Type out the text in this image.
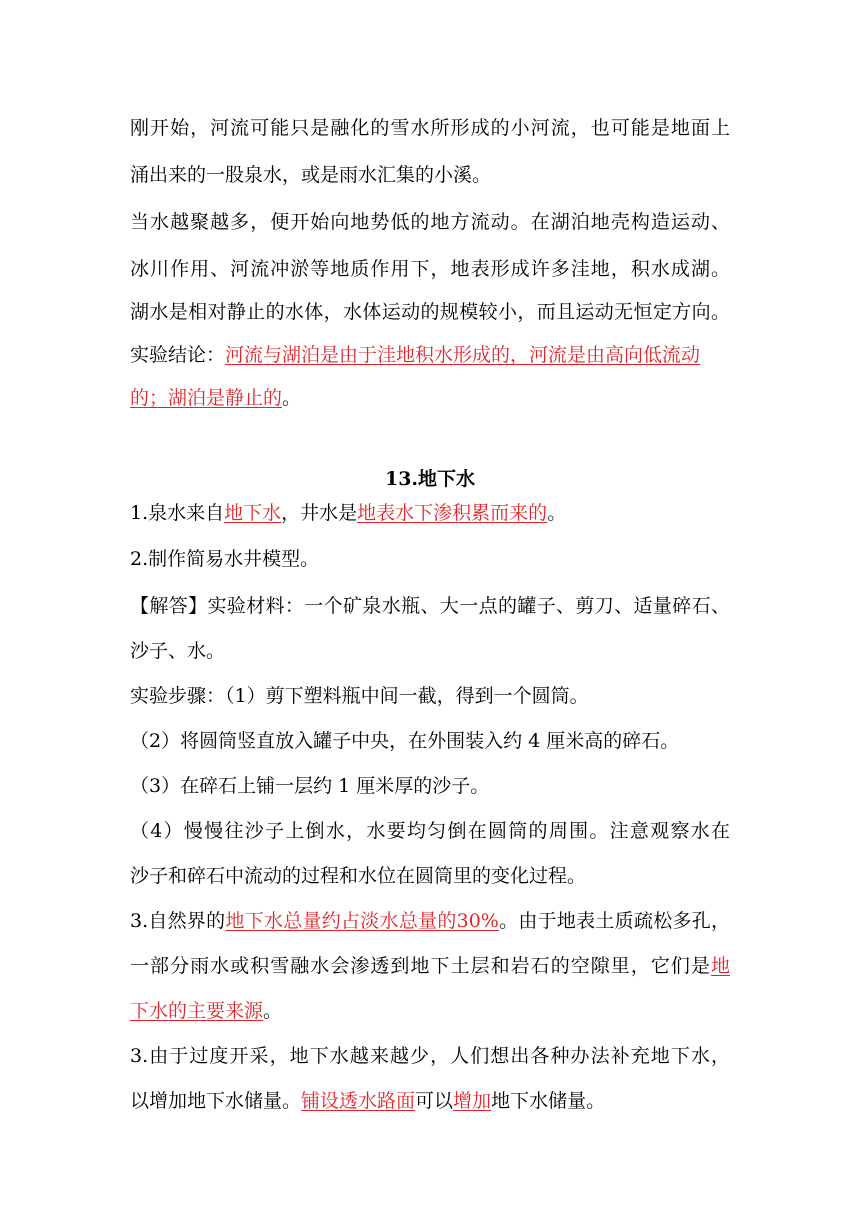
刚开始，河流可能只是融化的雪水所形成的小河流，也可能是地面上
涌出来的一股泉水，或是雨水汇集的小溪。
当水越聚越多，便开始向地势低的地方流动。在湖泊地壳构造运动、
冰川作用、河流冲淤等地质作用下，地表形成许多洼地，积水成湖。
湖水是相对静止的水体，水体运动的规模较小，而且运动无恒定方向。
实验结论：河流与湖泊是由于洼地积水形成的，河流是由高向低流动
的；湖泊是静止的。
13.地下水
1.泉水来自地下水，井水是地表水下渗积累而来的。
2.制作简易水井模型。
【解答】实验材料：一个矿泉水瓶、大一点的罐子、剪刀、适量碎石、
沙子、水。
实验步骤：（1）剪下塑料瓶中间一截，得到一个圆筒。
（2）将圆筒竖直放入罐子中央，在外围装入约 4 厘米高的碎石。
（3）在碎石上铺一层约 1 厘米厚的沙子。
（4）慢慢往沙子上倒水，水要均匀倒在圆筒的周围。注意观察水在
沙子和碎石中流动的过程和水位在圆筒里的变化过程。
3.自然界的地下水总量约占淡水总量的30%。由于地表土质疏松多孔，
一部分雨水或积雪融水会渗透到地下土层和岩石的空隙里，它们是地
下水的主要来源。
3.由于过度开采，地下水越来越少，人们想出各种办法补充地下水，
以增加地下水储量。铺设透水路面可以增加地下水储量。
